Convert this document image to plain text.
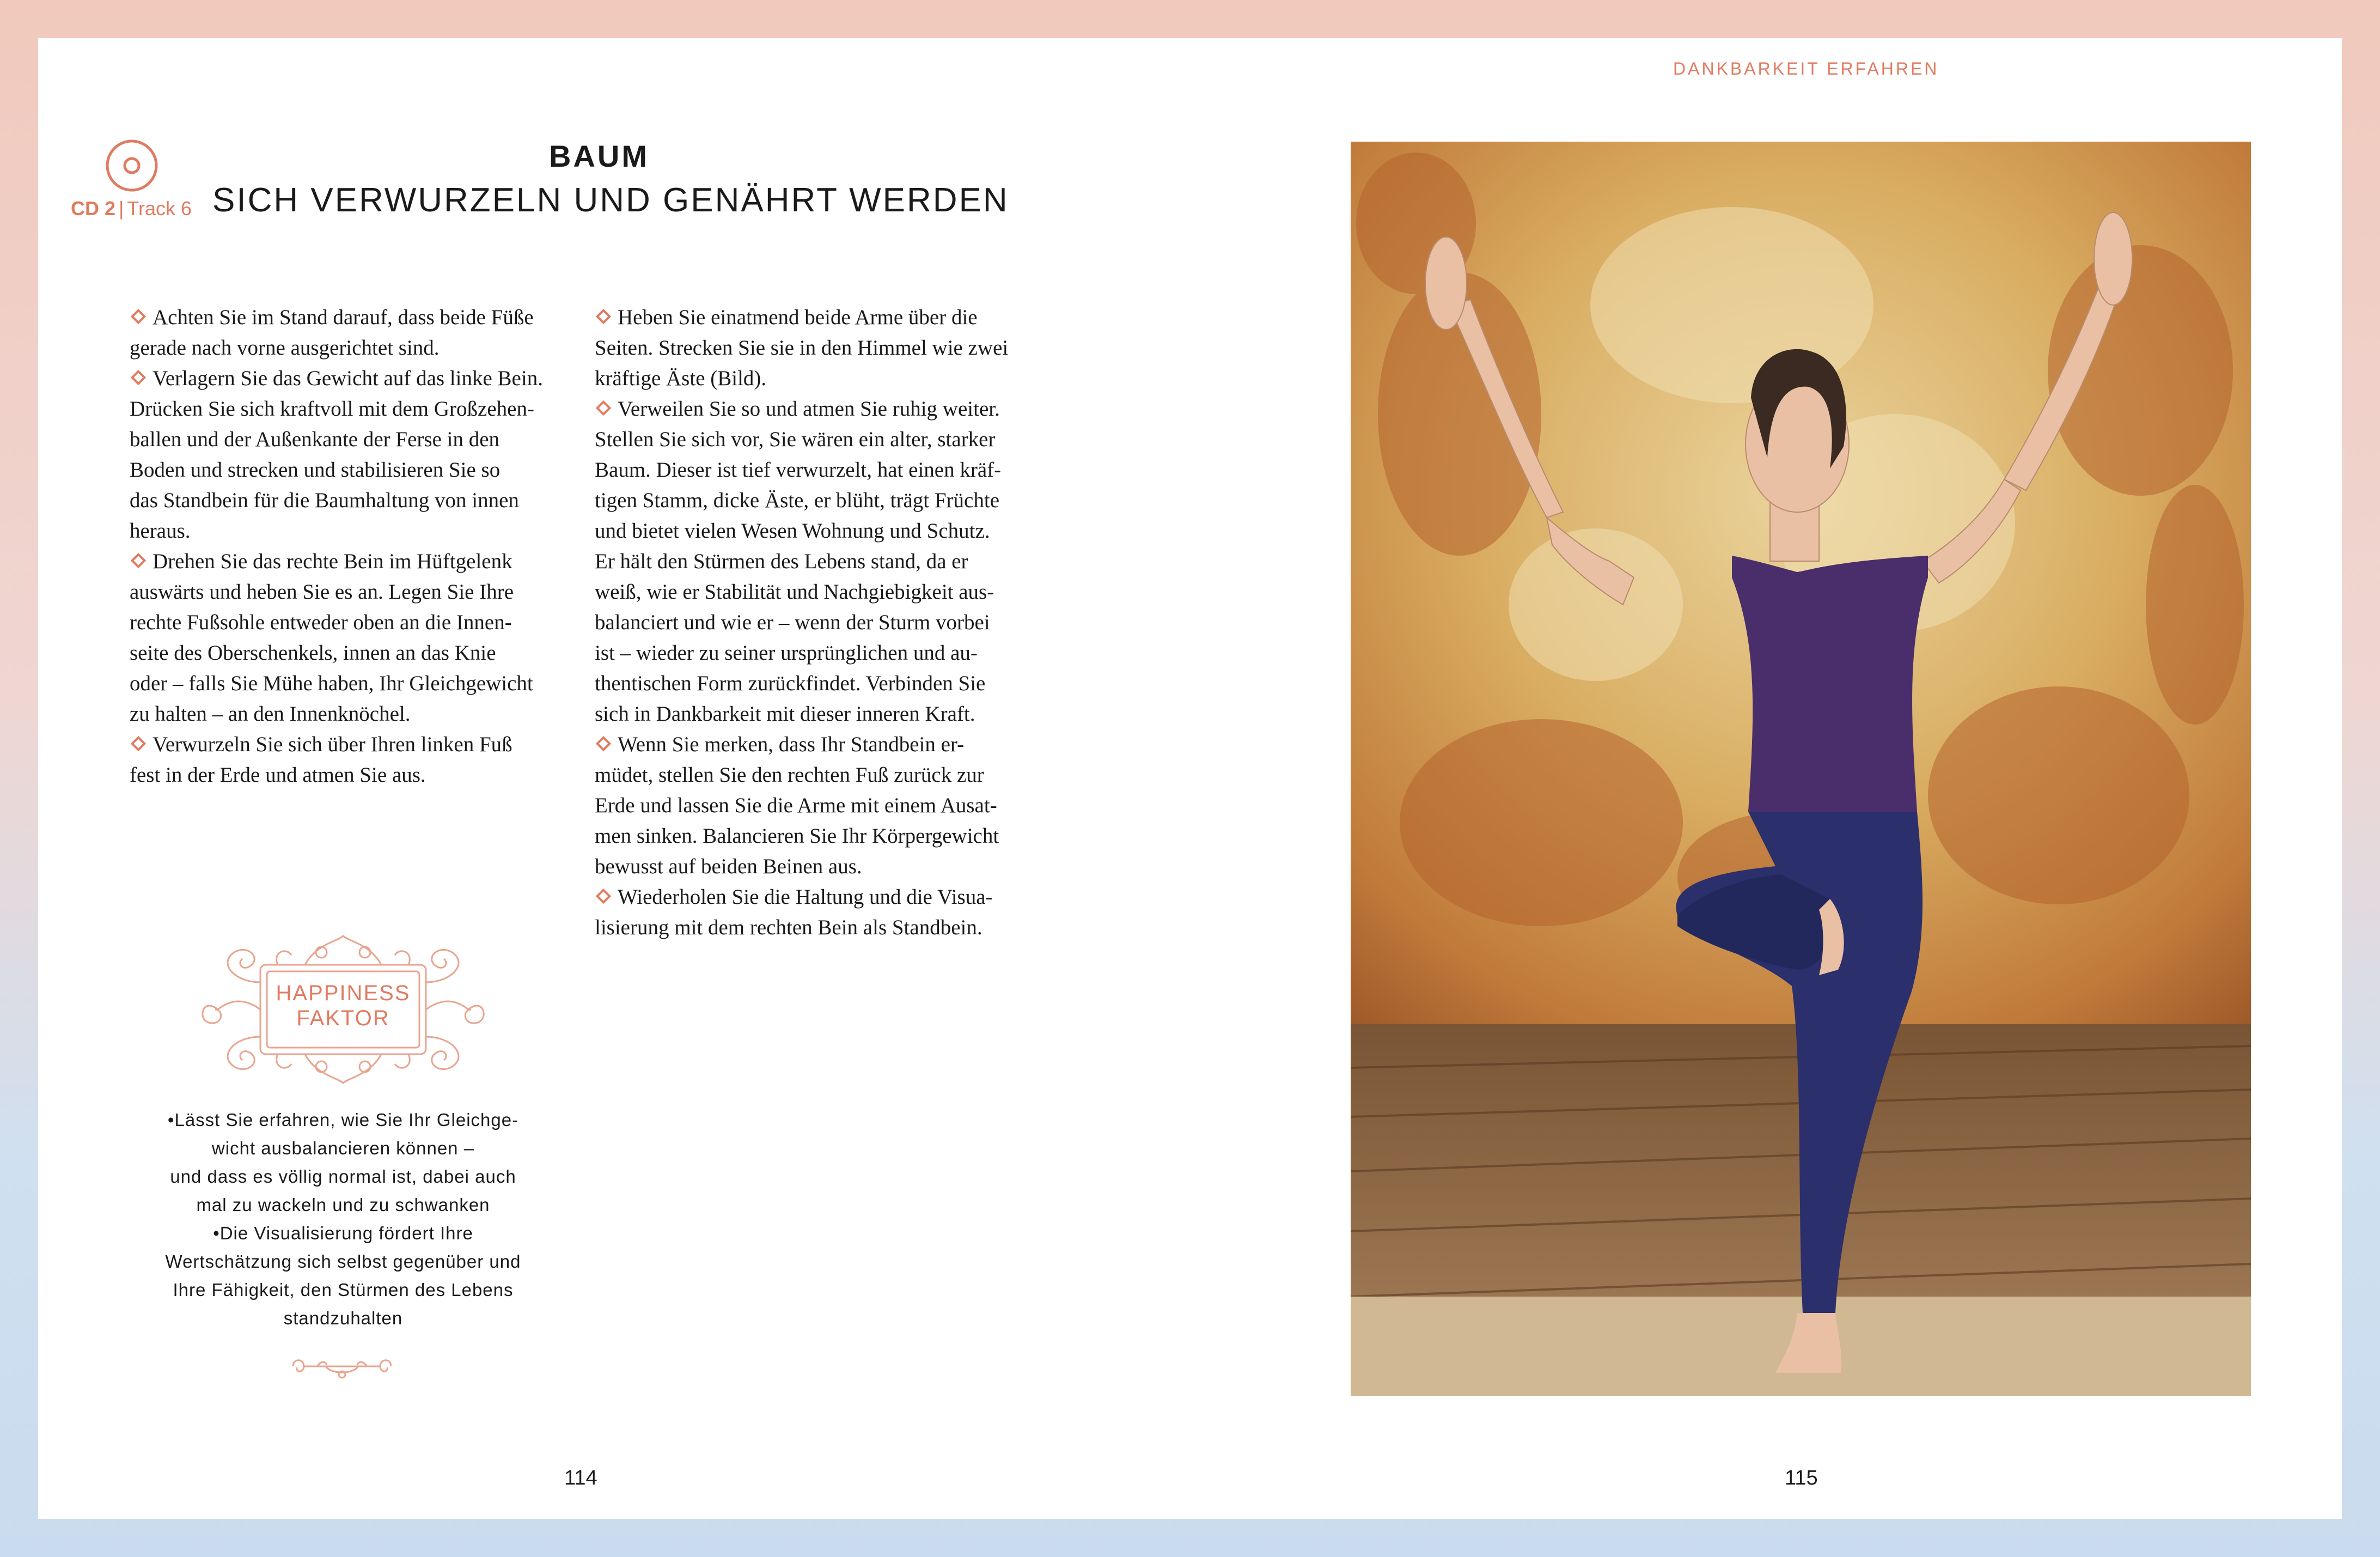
DANKBARKEIT ERFAHREN
CD 2 | Track 6
BAUM
SICH VERWURZELN UND GENÄHRT WERDEN
Achten Sie im Stand darauf, dass beide Füße
gerade nach vorne ausgerichtet sind.
Verlagern Sie das Gewicht auf das linke Bein.
Drücken Sie sich kraftvoll mit dem Großzehen-
ballen und der Außenkante der Ferse in den
Boden und strecken und stabilisieren Sie so
das Standbein für die Baumhaltung von innen
heraus.
Drehen Sie das rechte Bein im Hüftgelenk
auswärts und heben Sie es an. Legen Sie Ihre
rechte Fußsohle entweder oben an die Innen-
seite des Oberschenkels, innen an das Knie
oder – falls Sie Mühe haben, Ihr Gleichgewicht
zu halten – an den Innenknöchel.
Verwurzeln Sie sich über Ihren linken Fuß
fest in der Erde und atmen Sie aus.
Heben Sie einatmend beide Arme über die
Seiten. Strecken Sie sie in den Himmel wie zwei
kräftige Äste (Bild).
Verweilen Sie so und atmen Sie ruhig weiter.
Stellen Sie sich vor, Sie wären ein alter, starker
Baum. Dieser ist tief verwurzelt, hat einen kräf-
tigen Stamm, dicke Äste, er blüht, trägt Früchte
und bietet vielen Wesen Wohnung und Schutz.
Er hält den Stürmen des Lebens stand, da er
weiß, wie er Stabilität und Nachgiebigkeit aus-
balanciert und wie er – wenn der Sturm vorbei
ist – wieder zu seiner ursprünglichen und au-
thentischen Form zurückfindet. Verbinden Sie
sich in Dankbarkeit mit dieser inneren Kraft.
Wenn Sie merken, dass Ihr Standbein er-
müdet, stellen Sie den rechten Fuß zurück zur
Erde und lassen Sie die Arme mit einem Ausat-
men sinken. Balancieren Sie Ihr Körpergewicht
bewusst auf beiden Beinen aus.
Wiederholen Sie die Haltung und die Visua-
lisierung mit dem rechten Bein als Standbein.
HAPPINESS
FAKTOR
•Lässt Sie erfahren, wie Sie Ihr Gleichge-
wicht ausbalancieren können –
und dass es völlig normal ist, dabei auch
mal zu wackeln und zu schwanken
•Die Visualisierung fördert Ihre
Wertschätzung sich selbst gegenüber und
Ihre Fähigkeit, den Stürmen des Lebens
standzuhalten
114	115
